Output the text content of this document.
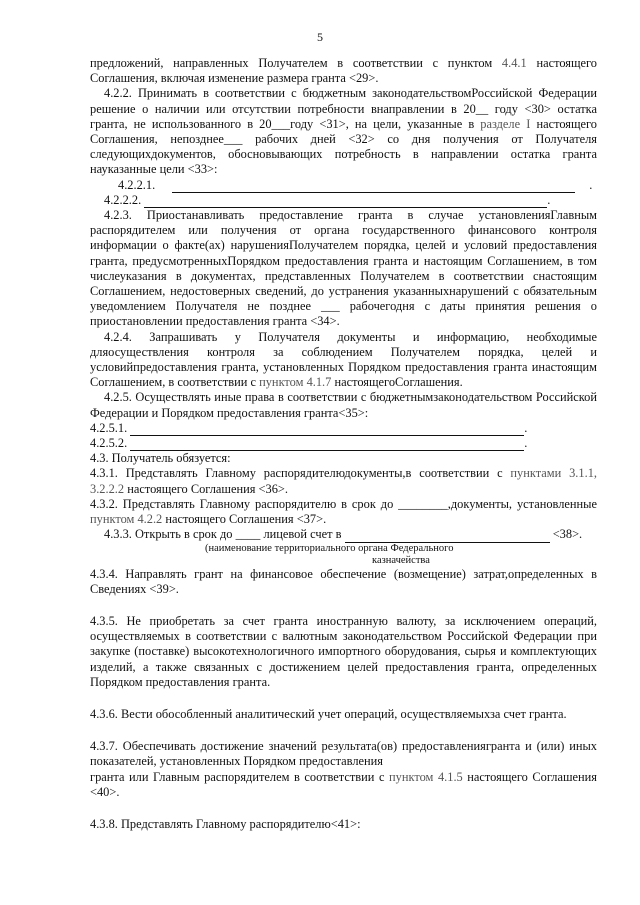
5

предложений, направленных Получателем в соответствии с пунктом 4.4.1 настоящего Соглашения, включая изменение размера гранта <29>.

4.2.2. Принимать в соответствии с бюджетным законодательствомРоссийской Федерации решение о наличии или отсутствии потребности внаправлении в 20__ году <30> остатка гранта, не использованного в 20___году <31>, на цели, указанные в разделе I настоящего Соглашения, непозднее___ рабочих дней <32> со дня получения от Получателя следующихдокументов, обосновывающих потребность в направлении остатка гранта науказанные цели <33>:

4.2.2.1.
	.
4.2.2.2.
	.

4.2.3. Приостанавливать предоставление гранта в случае установленияГлавным распорядителем или получения от органа государственного финансового контроля информации о факте(ах) нарушенияПолучателем порядка, целей и условий предоставления гранта, предусмотренныхПорядком предоставления гранта и настоящим Соглашением, в том числеуказания в документах, представленных Получателем в соответствии снастоящим Соглашением, недостоверных сведений, до устранения указанныхнарушений с обязательным уведомлением Получателя не позднее ___ рабочегодня с даты принятия решения о приостановлении предоставления гранта <34>.

4.2.4. Запрашивать у Получателя документы и информацию, необходимые дляосуществления контроля за соблюдением Получателем порядка, целей и условийпредоставления гранта, установленных Порядком предоставления гранта инастоящим Соглашением, в соответствии с пунктом 4.1.7 настоящегоСоглашения.

4.2.5. Осуществлять иные права в соответствии с бюджетнымзаконодательством Российской Федерации и Порядком предоставления гранта<35>:

4.2.5.1.
	.
4.2.5.2.
	.

4.3. Получатель обязуется:

4.3.1. Представлять Главному распорядителюдокументы,в соответствии с пунктами 3.1.1, 3.2.2.2 настоящего Соглашения <36>.

4.3.2. Представлять Главному распорядителю в срок до ________,документы, установленные пунктом 4.2.2 настоящего Соглашения <37>.

4.3.3. Открыть в срок до ____ лицевой счет в

	<38>.

(наименование территориального органа Федерального

казначейства

4.3.4. Направлять грант на финансовое обеспечение (возмещение) затрат,определенных в Сведениях <39>.

4.3.5. Не приобретать за счет гранта иностранную валюту, за исключением операций, осуществляемых в соответствии с валютным законодательством Российской Федерации при закупке (поставке) высокотехнологичного импортного оборудования, сырья и комплектующих изделий, а также связанных с достижением целей предоставления гранта, определенных Порядком предоставления гранта.

4.3.6. Вести обособленный аналитический учет операций, осуществляемыхза счет гранта.

4.3.7. Обеспечивать достижение значений результата(ов) предоставлениягранта и (или) иных показателей, установленных Порядком предоставления
гранта или Главным распорядителем в соответствии с пунктом 4.1.5 настоящего Соглашения <40>.

4.3.8. Представлять Главному распорядителю<41>:
